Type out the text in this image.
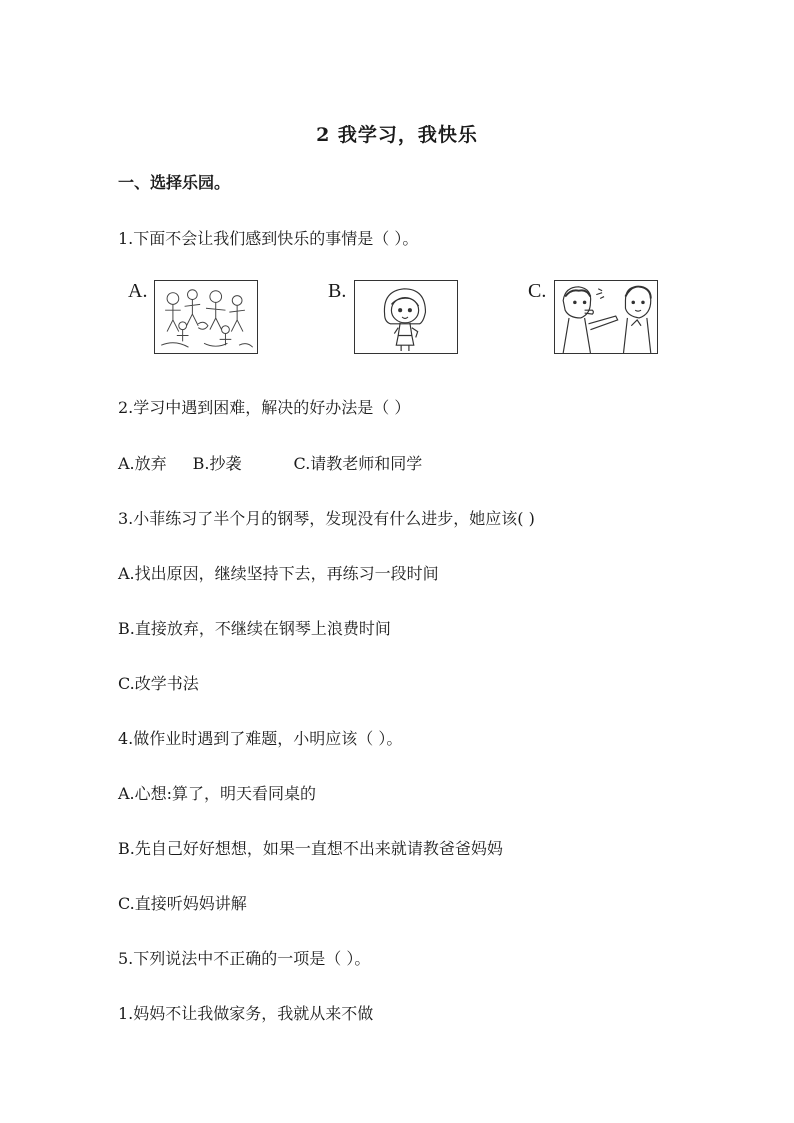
2 我学习，我快乐
一、选择乐园。
1.下面不会让我们感到快乐的事情是（ ）。
A.	B.	C.
2.学习中遇到困难，解决的好办法是（ ）
A.放弃 B.抄袭	C.请教老师和同学
3.小菲练习了半个月的钢琴，发现没有什么进步，她应该( )
A.找出原因，继续坚持下去，再练习一段时间
B.直接放弃，不继续在钢琴上浪费时间
C.改学书法
4.做作业时遇到了难题，小明应该（ ）。
A.心想:算了，明天看同桌的
B.先自己好好想想，如果一直想不出来就请教爸爸妈妈
C.直接听妈妈讲解
5.下列说法中不正确的一项是（ ）。
1.妈妈不让我做家务，我就从来不做
